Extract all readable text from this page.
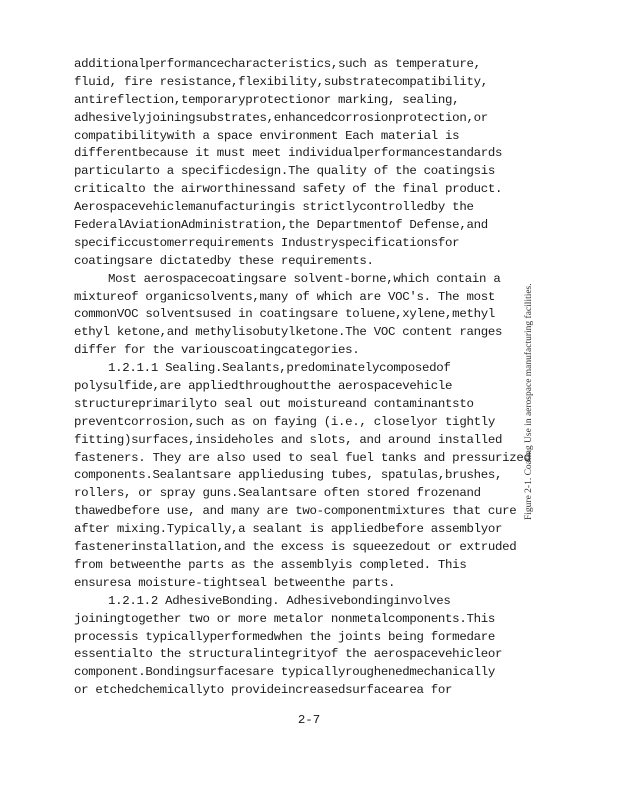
additionalperformancecharacteristics,such as temperature,
fluid, fire resistance,flexibility,substratecompatibility,
antireflection,temporaryprotectionor marking, sealing,
adhesivelyjoiningsubstrates,enhancedcorrosionprotection,or
compatibilitywith a space environment Each material is
differentbecause it must meet individualperformancestandards
particularto a specificdesign.The quality of the coatingsis
criticalto the airworthinessand safety of the final product.
Aerospacevehiclemanufacturingis strictlycontrolledby the
FederalAviationAdministration,the Departmentof Defense,and
specificcustomerrequirements Industryspecificationsfor
coatingsare dictatedby these requirements.
Most aerospacecoatingsare solvent-borne,which contain a
mixtureof organicsolvents,many of which are VOC's. The most
commonVOC solventsused in coatingsare toluene,xylene,methyl
ethyl ketone,and methylisobutylketone.The VOC content ranges
differ for the variouscoatingcategories.
1.2.1.1 Sealing.Sealants,predominatelycomposedof
polysulfide,are appliedthroughoutthe aerospacevehicle
structureprimarilyto seal out moistureand contaminantsto
preventcorrosion,such as on faying (i.e., closelyor tightly
fitting)surfaces,insideholes and slots, and around installed
fasteners. They are also used to seal fuel tanks and pressurized
components.Sealantsare appliedusing tubes, spatulas,brushes,
rollers, or spray guns.Sealantsare often stored frozenand
thawedbefore use, and many are two-componentmixtures that cure
after mixing.Typically,a sealant is appliedbefore assemblyor
fastenerinstallation,and the excess is squeezedout or extruded
from betweenthe parts as the assemblyis completed. This
ensuresa moisture-tightseal betweenthe parts.
1.2.1.2 AdhesiveBonding. Adhesivebondinginvolves
joiningtogether two or more metalor nonmetalcomponents.This
processis typicallyperformedwhen the joints being formedare
essentialto the structuralintegrityof the aerospacevehicleor
component.Bondingsurfacesare typicallyroughenedmechanically
or etchedchemicallyto provideincreasedsurfacearea for
2-7
Figure 2-1. Coating Use in aerospace manufacturing facilities.
